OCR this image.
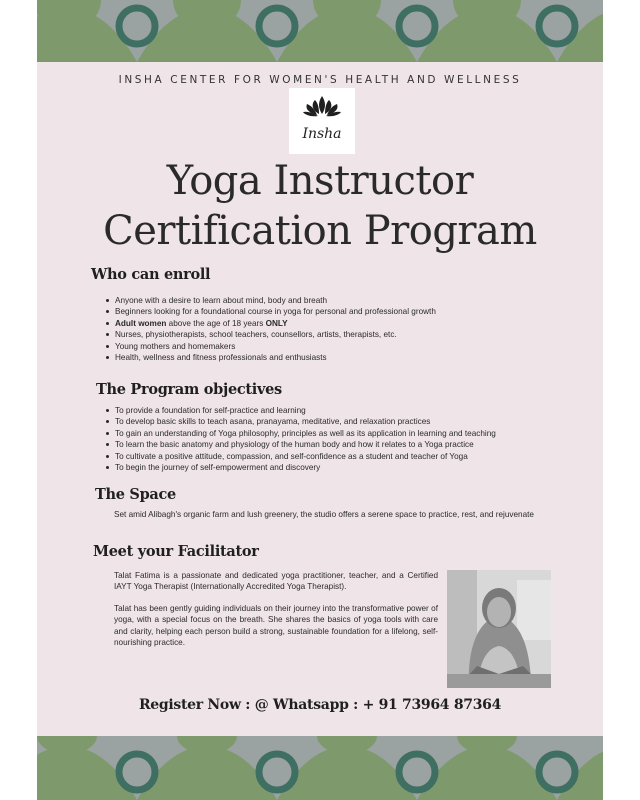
INSHA CENTER FOR WOMEN'S HEALTH AND WELLNESS
Insha
Yoga Instructor
Certification Program
Who can enroll
Anyone with a desire to learn about mind, body and breath
Beginners looking for a foundational course in yoga for personal and professional growth
Adult women above the age of 18 years ONLY
Nurses, physiotherapists, school teachers, counsellors, artists, therapists, etc.
Young mothers and homemakers
Health, wellness and fitness professionals and enthusiasts
The Program objectives
To provide a foundation for self-practice and learning
To develop basic skills to teach asana, pranayama, meditative, and relaxation practices
To gain an understanding of Yoga philosophy, principles as well as its application in learning and teaching
To learn the basic anatomy and physiology of the human body and how it relates to a Yoga practice
To cultivate a positive attitude, compassion, and self-confidence as a student and teacher of Yoga
To begin the journey of self-empowerment and discovery
The Space
Set amid Alibagh's organic farm and lush greenery, the studio offers a serene space to practice, rest, and rejuvenate
Meet your Facilitator
Talat Fatima is a passionate and dedicated yoga practitioner, teacher, and a Certified IAYT Yoga Therapist (Internationally Accredited Yoga Therapist).
Talat has been gently guiding individuals on their journey into the transformative power of yoga, with a special focus on the breath. She shares the basics of yoga tools with care and clarity, helping each person build a strong, sustainable foundation for a lifelong, self-nourishing practice.
Register Now : @ Whatsapp : + 91 73964 87364
